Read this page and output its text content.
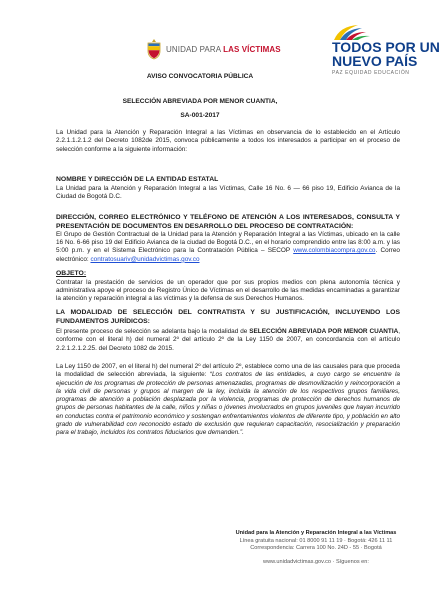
UNIDAD PARA LAS VÍCTIMAS	TODOS POR UN
NUEVO PAÍS
PAZ EQUIDAD EDUCACIÓN
AVISO CONVOCATORIA PÚBLICA
SELECCIÓN ABREVIADA POR MENOR CUANTIA,
SA-001-2017

La Unidad para la Atención y Reparación Integral a las Víctimas en observancia de lo establecido en el Artículo 2.2.1.1.2.1.2 del Decreto 1082de 2015, convoca públicamente a todos los interesados a participar en el proceso de selección conforme a la siguiente información:

NOMBRE Y DIRECCIÓN DE LA ENTIDAD ESTATAL
La Unidad para la Atención y Reparación Integral a las Víctimas, Calle 16 No. 6 — 66 piso 19, Edificio Avianca de la Ciudad de Bogotá D.C.

DIRECCIÓN, CORREO ELECTRÓNICO Y TELÉFONO DE ATENCIÓN A LOS INTERESADOS, CONSULTA Y PRESENTACIÓN DE DOCUMENTOS EN DESARROLLO DEL PROCESO DE CONTRATACIÓN:
El Grupo de Gestión Contractual de la Unidad para la Atención y Reparación Integral a las Víctimas, ubicado en la calle 16 No. 6-66 piso 19 del Edificio Avianca de la ciudad de Bogotá D.C., en el horario comprendido entre las 8:00 a.m. y las 5:00 p.m. y en el Sistema Electrónico para la Contratación Pública – SECOP www.colombiacompra.gov.co. Correo electrónico: contratosuariv@unidadvictimas.gov.co

OBJETO:
Contratar la prestación de servicios de un operador que por sus propios medios con plena autonomía técnica y administrativa apoye el proceso de Registro Único de Víctimas en el desarrollo de las medidas encaminadas a garantizar la atención y reparación integral a las víctimas y la defensa de sus Derechos Humanos.

LA MODALIDAD DE SELECCIÓN DEL CONTRATISTA Y SU JUSTIFICACIÓN, INCLUYENDO LOS FUNDAMENTOS JURÍDICOS:

El presente proceso de selección se adelanta bajo la modalidad de SELECCIÓN ABREVIADA POR MENOR CUANTIA, conforme con el literal h) del numeral 2º del artículo 2º de la Ley 1150 de 2007, en concordancia con el artículo 2.2.1.2.1.2.25. del Decreto 1082 de 2015.

La Ley 1150 de 2007, en el literal h) del numeral 2º del artículo 2º, establece como una de las causales para que proceda la modalidad de selección abreviada, la siguiente: “Los contratos de las entidades, a cuyo cargo se encuentre la ejecución de los programas de protección de personas amenazadas, programas de desmovilización y reincorporación a la vida civil de personas y grupos al margen de la ley, incluida la atención de los respectivos grupos familiares, programas de atención a población desplazada por la violencia, programas de protección de derechos humanos de grupos de personas habitantes de la calle, niños y niñas o jóvenes involucrados en grupos juveniles que hayan incurrido en conductas contra el patrimonio económico y sostengan enfrentamientos violentos de diferente tipo, y población en alto grado de vulnerabilidad con reconocido estado de exclusión que requieran capacitación, resocialización y preparación para el trabajo, incluidos los contratos fiduciarios que demanden.”.

Unidad para la Atención y Reparación Integral a las Víctimas
Línea gratuita nacional: 01 8000 91 11 19 · Bogotá: 426 11 11
Correspondencia: Carrera 100 No. 24D - 55 · Bogotá
www.unidadvictimas.gov.co · Síguenos en:
